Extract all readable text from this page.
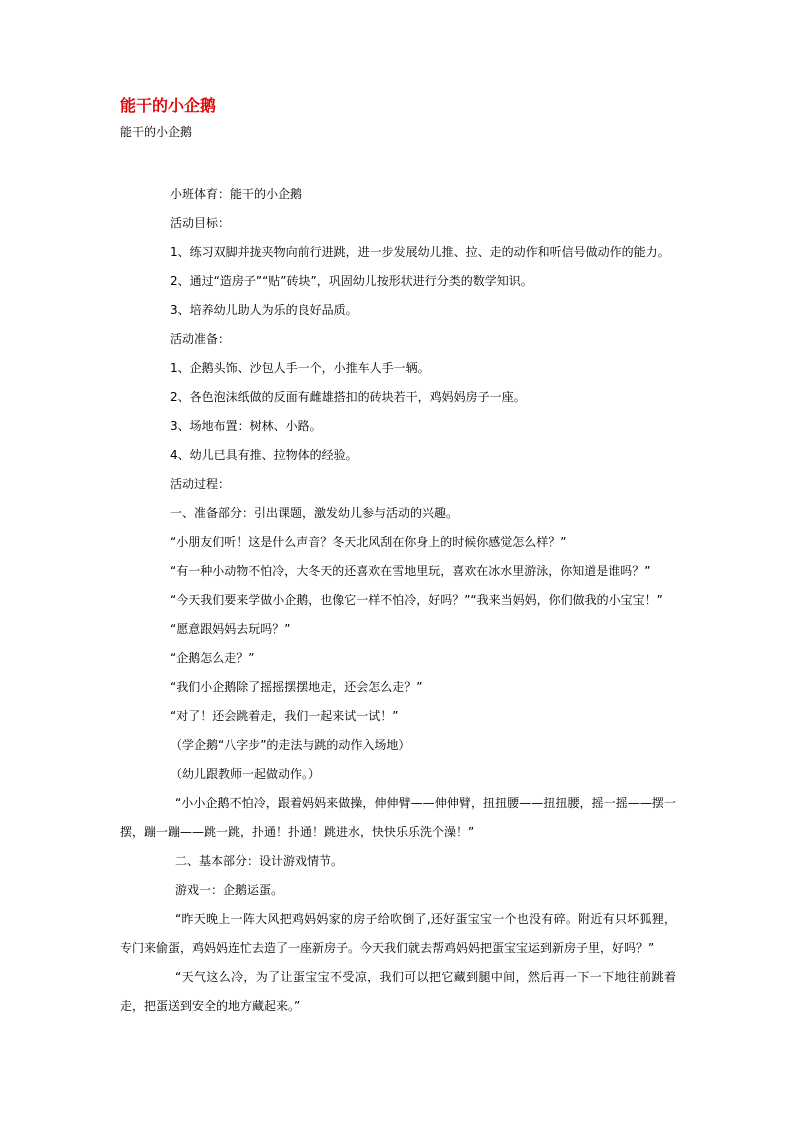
能干的小企鹅

能干的小企鹅

小班体育：能干的小企鹅

活动目标：

1、练习双脚并拢夹物向前行进跳，进一步发展幼儿推、拉、走的动作和听信号做动作的能力。

2、通过“造房子”“贴”砖块”，巩固幼儿按形状进行分类的数学知识。

3、培养幼儿助人为乐的良好品质。

活动准备：

1、企鹅头饰、沙包人手一个，小推车人手一辆。

2、各色泡沫纸做的反面有雌雄搭扣的砖块若干，鸡妈妈房子一座。

3、场地布置：树林、小路。

4、幼儿已具有推、拉物体的经验。

活动过程：

一、准备部分：引出课题，激发幼儿参与活动的兴趣。

“小朋友们听！这是什么声音？冬天北风刮在你身上的时候你感觉怎么样？”

“有一种小动物不怕冷，大冬天的还喜欢在雪地里玩，喜欢在冰水里游泳，你知道是谁吗？”

“今天我们要来学做小企鹅，也像它一样不怕冷，好吗？”“我来当妈妈，你们做我的小宝宝！”

“愿意跟妈妈去玩吗？”

“企鹅怎么走？”

“我们小企鹅除了摇摇摆摆地走，还会怎么走？”

“对了！还会跳着走，我们一起来试一试！”

（学企鹅“八字步”的走法与跳的动作入场地）

（幼儿跟教师一起做动作。）

“小小企鹅不怕冷，跟着妈妈来做操，伸伸臂——伸伸臂，扭扭腰——扭扭腰，摇一摇——摆一摆，蹦一蹦——跳一跳，扑通！扑通！跳进水，快快乐乐洗个澡！”

二、基本部分：设计游戏情节。

游戏一：企鹅运蛋。

“昨天晚上一阵大风把鸡妈妈家的房子给吹倒了,还好蛋宝宝一个也没有碎。附近有只坏狐狸，专门来偷蛋，鸡妈妈连忙去造了一座新房子。今天我们就去帮鸡妈妈把蛋宝宝运到新房子里，好吗？”

“天气这么冷，为了让蛋宝宝不受凉，我们可以把它藏到腿中间，然后再一下一下地往前跳着走，把蛋送到安全的地方藏起来。”
